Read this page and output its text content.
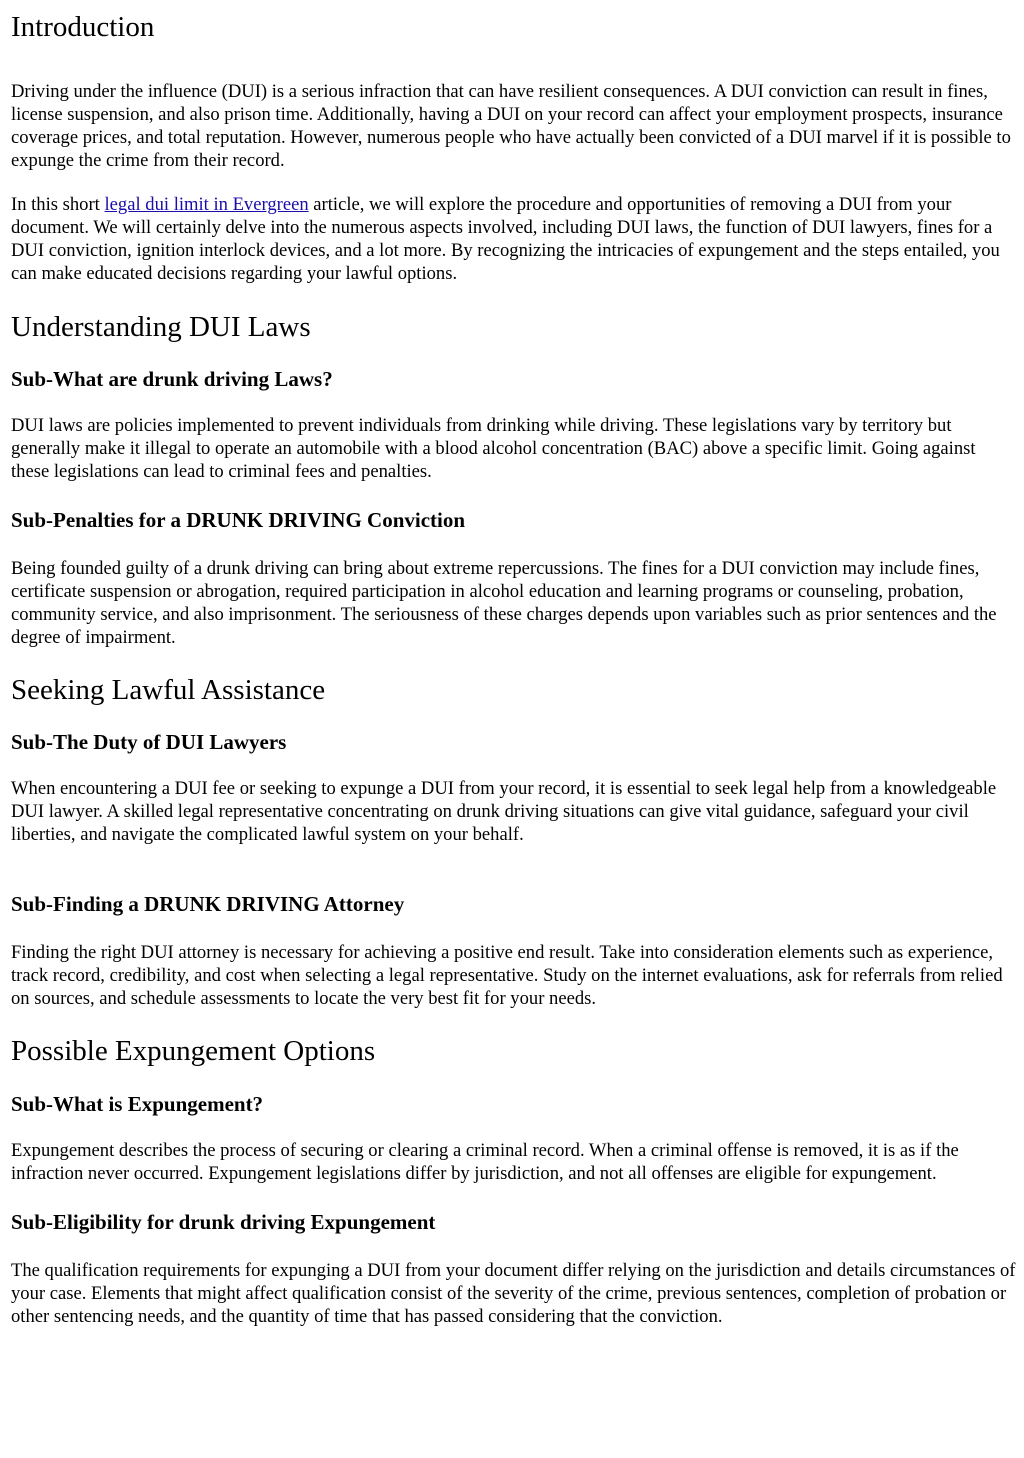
Introduction

Driving under the influence (DUI) is a serious infraction that can have resilient consequences. A DUI conviction can result in fines, license suspension, and also prison time. Additionally, having a DUI on your record can affect your employment prospects, insurance coverage prices, and total reputation. However, numerous people who have actually been convicted of a DUI marvel if it is possible to expunge the crime from their record.

In this short legal dui limit in Evergreen article, we will explore the procedure and opportunities of removing a DUI from your document. We will certainly delve into the numerous aspects involved, including DUI laws, the function of DUI lawyers, fines for a DUI conviction, ignition interlock devices, and a lot more. By recognizing the intricacies of expungement and the steps entailed, you can make educated decisions regarding your lawful options.

Understanding DUI Laws
Sub-What are drunk driving Laws?

DUI laws are policies implemented to prevent individuals from drinking while driving. These legislations vary by territory but generally make it illegal to operate an automobile with a blood alcohol concentration (BAC) above a specific limit. Going against these legislations can lead to criminal fees and penalties.

Sub-Penalties for a DRUNK DRIVING Conviction

Being founded guilty of a drunk driving can bring about extreme repercussions. The fines for a DUI conviction may include fines, certificate suspension or abrogation, required participation in alcohol education and learning programs or counseling, probation, community service, and also imprisonment. The seriousness of these charges depends upon variables such as prior sentences and the degree of impairment.

Seeking Lawful Assistance
Sub-The Duty of DUI Lawyers

When encountering a DUI fee or seeking to expunge a DUI from your record, it is essential to seek legal help from a knowledgeable DUI lawyer. A skilled legal representative concentrating on drunk driving situations can give vital guidance, safeguard your civil liberties, and navigate the complicated lawful system on your behalf.

Sub-Finding a DRUNK DRIVING Attorney

Finding the right DUI attorney is necessary for achieving a positive end result. Take into consideration elements such as experience, track record, credibility, and cost when selecting a legal representative. Study on the internet evaluations, ask for referrals from relied on sources, and schedule assessments to locate the very best fit for your needs.

Possible Expungement Options
Sub-What is Expungement?

Expungement describes the process of securing or clearing a criminal record. When a criminal offense is removed, it is as if the infraction never occurred. Expungement legislations differ by jurisdiction, and not all offenses are eligible for expungement.

Sub-Eligibility for drunk driving Expungement

The qualification requirements for expunging a DUI from your document differ relying on the jurisdiction and details circumstances of your case. Elements that might affect qualification consist of the severity of the crime, previous sentences, completion of probation or other sentencing needs, and the quantity of time that has passed considering that the conviction.
